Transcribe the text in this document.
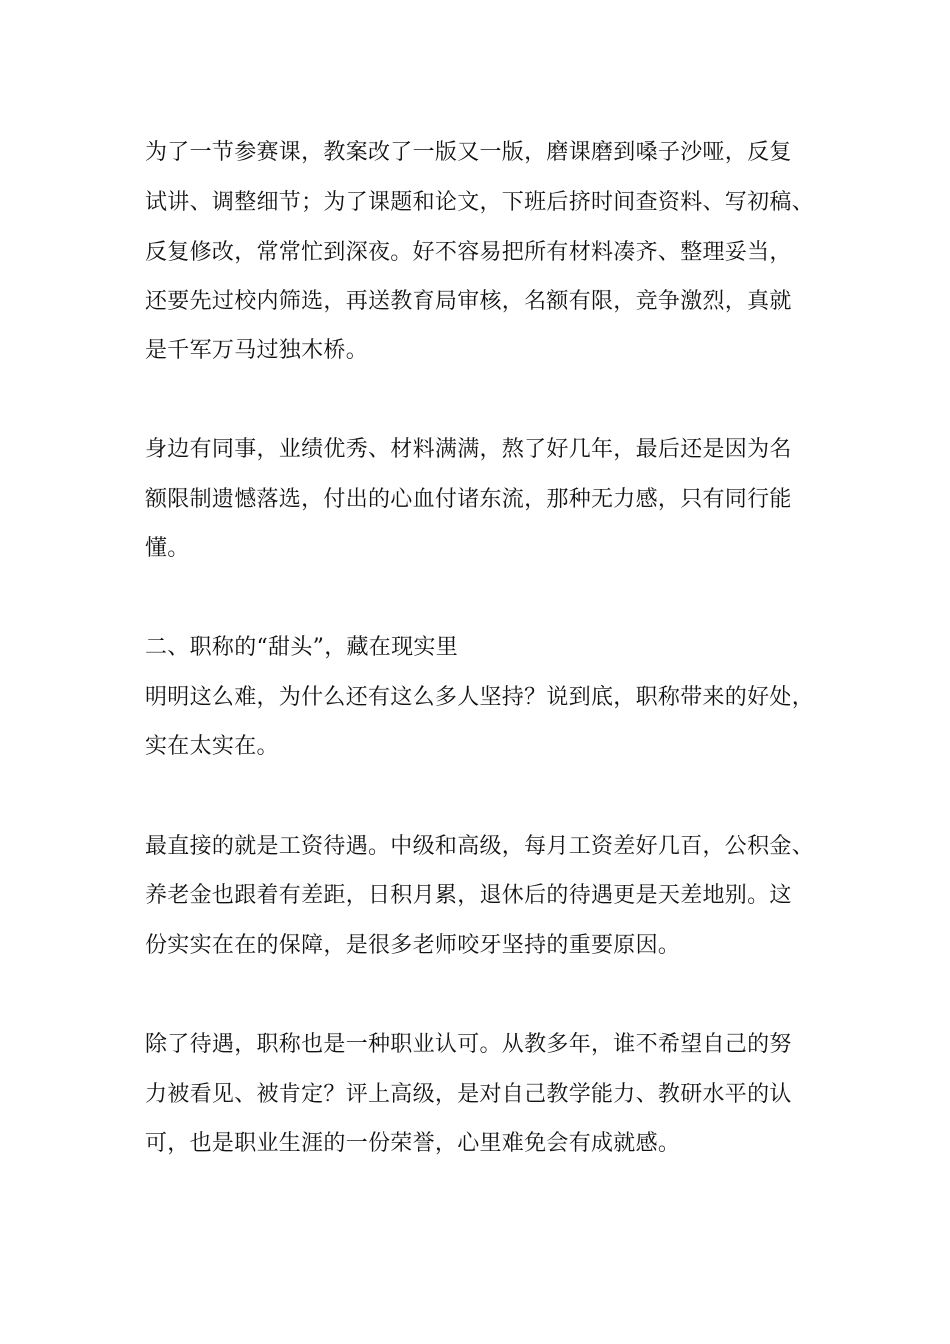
为了一节参赛课，教案改了一版又一版，磨课磨到嗓子沙哑，反复
试讲、调整细节；为了课题和论文，下班后挤时间查资料、写初稿、
反复修改，常常忙到深夜。好不容易把所有材料凑齐、整理妥当，
还要先过校内筛选，再送教育局审核，名额有限，竞争激烈，真就
是千军万马过独木桥。
身边有同事，业绩优秀、材料满满，熬了好几年，最后还是因为名
额限制遗憾落选，付出的心血付诸东流，那种无力感，只有同行能
懂。
二、职称的“甜头”，藏在现实里
明明这么难，为什么还有这么多人坚持？说到底，职称带来的好处，
实在太实在。
最直接的就是工资待遇。中级和高级，每月工资差好几百，公积金、
养老金也跟着有差距，日积月累，退休后的待遇更是天差地别。这
份实实在在的保障，是很多老师咬牙坚持的重要原因。
除了待遇，职称也是一种职业认可。从教多年，谁不希望自己的努
力被看见、被肯定？评上高级，是对自己教学能力、教研水平的认
可，也是职业生涯的一份荣誉，心里难免会有成就感。
